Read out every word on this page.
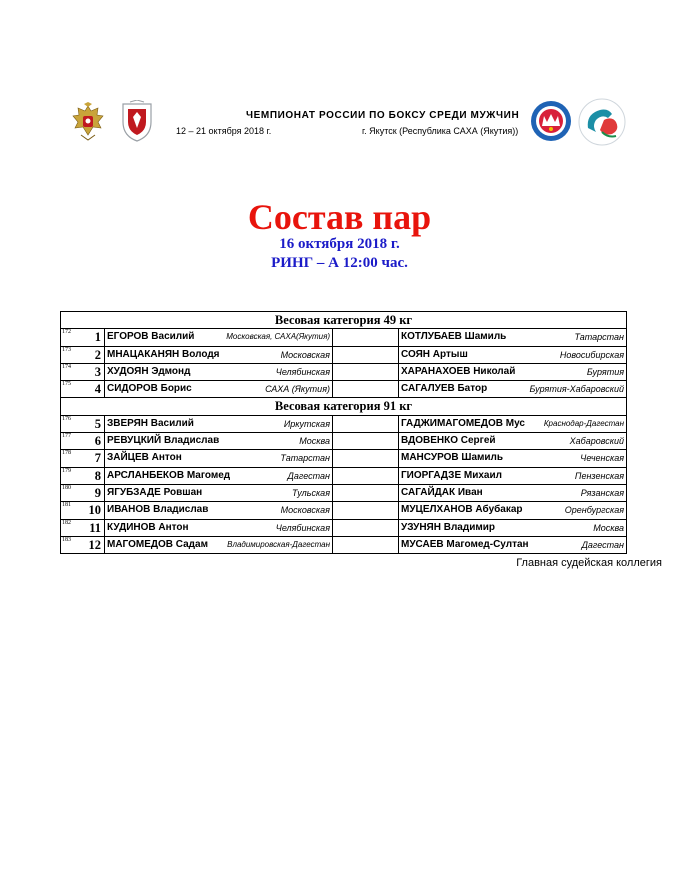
ЧЕМПИОНАТ РОССИИ ПО БОКСУ СРЕДИ МУЖЧИН
12 – 21 октября 2018 г.	г. Якутск (Республика САХА (Якутия))
Состав пар
16 октября 2018 г.
РИНГ – А 12:00 час.
Весовая категория 49 кг			

172 1	ЕГОРОВ Василий Московская, САХА(Якутия)		КОТЛУБАЕВ Шамиль Татарстан

173 2	МНАЦАКАНЯН Володя Московская		СОЯН Артыш Новосибирская

174 3	ХУДОЯН Эдмонд Челябинская		ХАРАНАХОЕВ Николай Бурятия

175 4	СИДОРОВ Борис САХА (Якутия)		САГАЛУЕВ Батор Бурятия-Хабаровский

Весовая категория 91 кг			

176 5	ЗВЕРЯН Василий Иркутская		ГАДЖИМАГОМЕДОВ Мус Краснодар-Дагестан

177 6	РЕВУЦКИЙ Владислав Москва		ВДОВЕНКО Сергей Хабаровский

178 7	ЗАЙЦЕВ Антон Татарстан		МАНСУРОВ Шамиль Чеченская

179 8	АРСЛАНБЕКОВ Магомед Дагестан		ГИОРГАДЗЕ Михаил Пензенская

180 9	ЯГУБЗАДЕ Ровшан Тульская		САГАЙДАК Иван Рязанская

181 10	ИВАНОВ Владислав Московская		МУЦЕЛХАНОВ Абубакар Оренбургская

182 11	КУДИНОВ Антон Челябинская		УЗУНЯН Владимир Москва

183 12	МАГОМЕДОВ Садам Владимировская-Дагестан		МУСАЕВ Магомед-Султан Дагестан
Главная судейская коллегия
